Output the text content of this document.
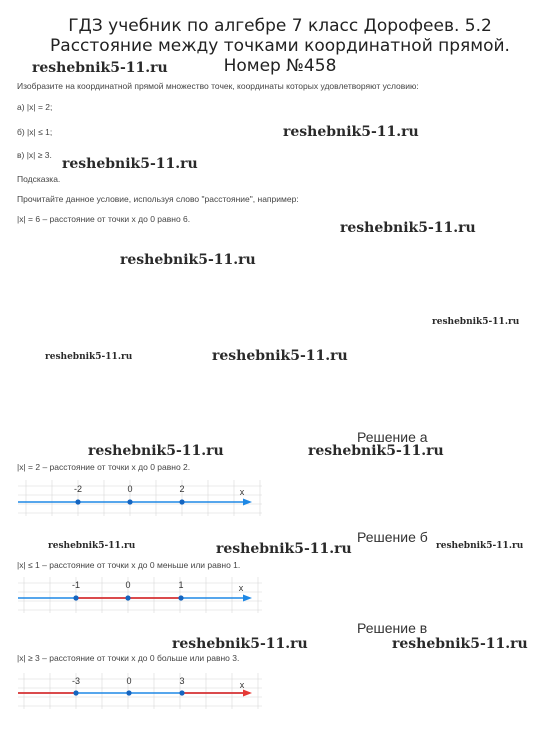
ГДЗ учебник по алгебре 7 класс Дорофеев. 5.2 Расстояние между точками координатной прямой. Номер №458
reshebnik5-11.ru
Изобразите на координатной прямой множество точек, координаты которых удовлетворяют условию:
а) |x| = 2;
б) |x| ≤ 1;	reshebnik5-11.ru
в) |x| ≥ 3.
reshebnik5-11.ru
Подсказка.
Прочитайте данное условие, используя слово "расстояние", например:
|x| = 6 – расстояние от точки x до 0 равно 6.
reshebnik5-11.ru
reshebnik5-11.ru
reshebnik5-11.ru
reshebnik5-11.ru	reshebnik5-11.ru
Решение а
reshebnik5-11.ru	reshebnik5-11.ru
|x| = 2 – расстояние от точки x до 0 равно 2.
-2	0	2	x
Решение б
reshebnik5-11.ru	reshebnik5-11.ru	reshebnik5-11.ru
|x| ≤ 1 – расстояние от точки x до 0 меньше или равно 1.
-1	0	1	x
Решение в
reshebnik5-11.ru	reshebnik5-11.ru
|x| ≥ 3 – расстояние от точки x до 0 больше или равно 3.
-3	0	3	x
